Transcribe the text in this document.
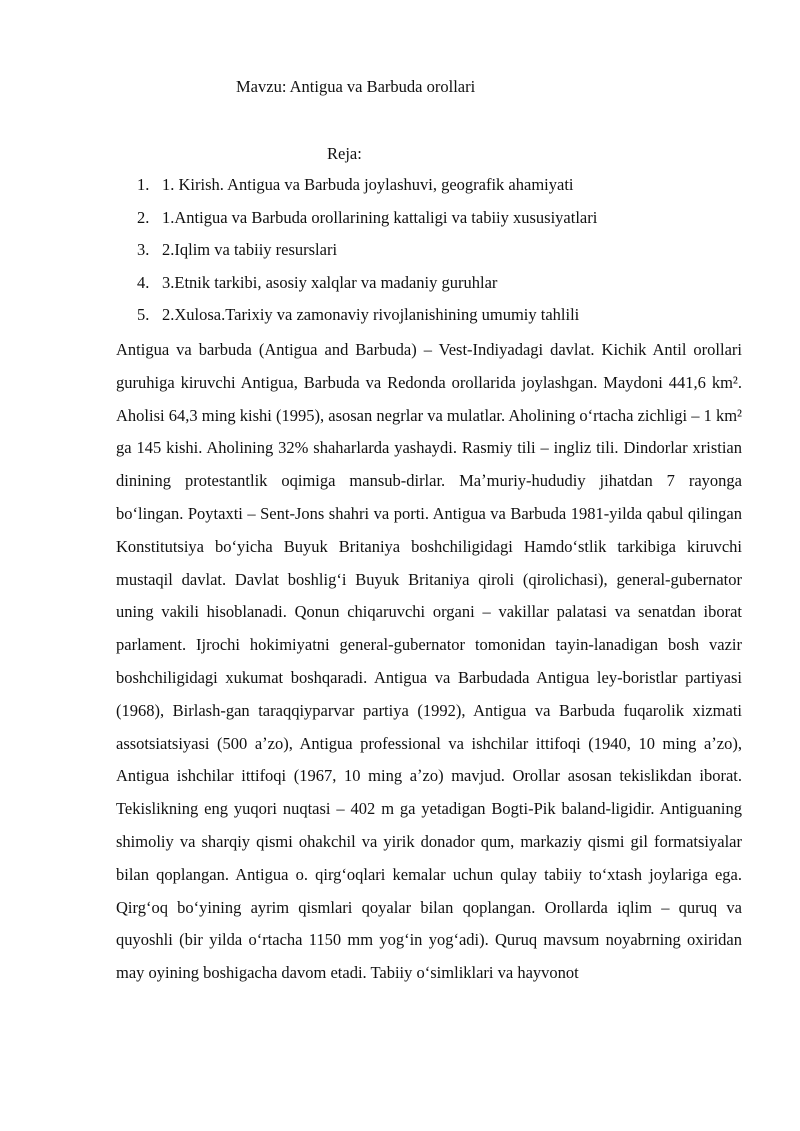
Mavzu: Antigua va Barbuda orollari
Reja:
1. 1. Kirish. Antigua va Barbuda joylashuvi, geografik ahamiyati
2. 1.Antigua va Barbuda orollarining kattaligi va tabiiy xususiyatlari
3. 2.Iqlim va tabiiy resurslari
4. 3.Etnik tarkibi, asosiy xalqlar va madaniy guruhlar
5. 2.Xulosa.Tarixiy va zamonaviy rivojlanishining umumiy tahlili

Antigua va barbuda (Antigua and Barbuda) – Vest-Indiyadagi davlat. Kichik Antil orollari guruhiga kiruvchi Antigua, Barbuda va Redonda orollarida joylashgan. Maydoni 441,6 km². Aholisi 64,3 ming kishi (1995), asosan negrlar va mulatlar. Aholining oʻrtacha zichligi – 1 km² ga 145 kishi. Aholining 32% shaharlarda yashaydi. Rasmiy tili – ingliz tili. Dindorlar xristian dinining protestantlik oqimiga mansub-dirlar. Maʼmuriy-hududiy jihatdan 7 rayonga boʻlingan. Poytaxti – Sent-Jons shahri va porti. Antigua va Barbuda 1981-yilda qabul qilingan Konstitutsiya boʻyicha Buyuk Britaniya boshchiligidagi Hamdoʻstlik tarkibiga kiruvchi mustaqil davlat. Davlat boshligʻi Buyuk Britaniya qiroli (qirolichasi), general-gubernator uning vakili hisoblanadi. Qonun chiqaruvchi organi – vakillar palatasi va senatdan iborat parlament. Ijrochi hokimiyatni general-gubernator tomonidan tayin-lanadigan bosh vazir boshchiligidagi xukumat boshqaradi. Antigua va Barbudada Antigua ley-boristlar partiyasi (1968), Birlash-gan taraqqiyparvar partiya (1992), Antigua va Barbuda fuqarolik xizmati assotsiatsiyasi (500 aʼzo), Antigua professional va ishchilar ittifoqi (1940, 10 ming aʼzo), Antigua ishchilar ittifoqi (1967, 10 ming aʼzo) mavjud. Orollar asosan tekislikdan iborat. Tekislikning eng yuqori nuqtasi – 402 m ga yetadigan Bogti-Pik baland-ligidir. Antiguaning shimoliy va sharqiy qismi ohakchil va yirik donador qum, markaziy qismi gil formatsiyalar bilan qoplangan. Antigua o. qirgʻoqlari kemalar uchun qulay tabiiy toʻxtash joylariga ega. Qirgʻoq boʻyining ayrim qismlari qoyalar bilan qoplangan. Orollarda iqlim – quruq va quyoshli (bir yilda oʻrtacha 1150 mm yogʻin yogʻadi). Quruq mavsum noyabrning oxiridan may oyining boshigacha davom etadi. Tabiiy oʻsimliklari va hayvonot
